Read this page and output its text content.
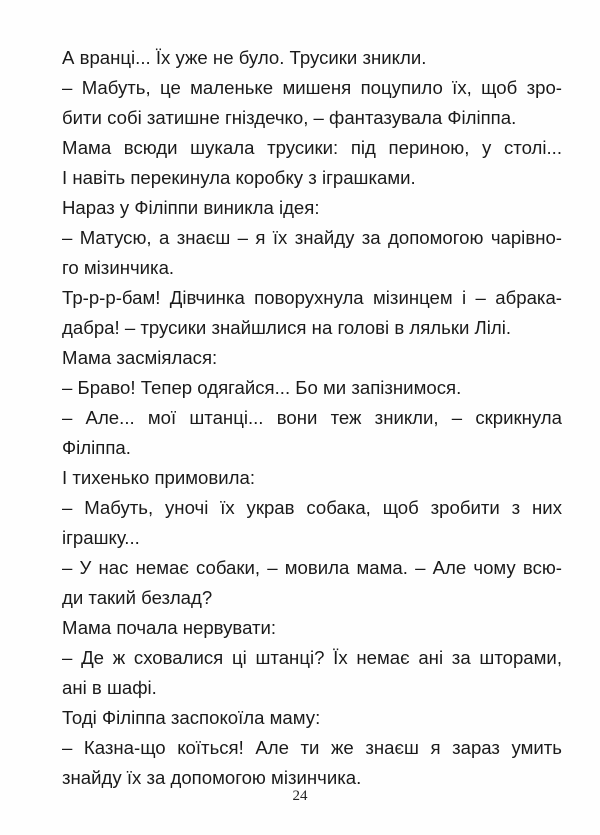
А вранці... Їх уже не було. Трусики зникли.
– Мабуть, це маленьке мишеня поцупило їх, щоб зро-
бити собі затишне гніздечко, – фантазувала Філіппа.
Мама всюди шукала трусики: під периною, у столі...
І навіть перекинула коробку з іграшками.
Нараз у Філіппи виникла ідея:
– Матусю, а знаєш – я їх знайду за допомогою чарівно-
го мізинчика.
Тр-р-р-бам! Дівчинка поворухнула мізинцем і – абрака-
дабра! – трусики знайшлися на голові в ляльки Лілі.
Мама засміялася:
– Браво! Тепер одягайся... Бо ми запізнимося.
– Але... мої штанці... вони теж зникли, – скрикнула
Філіппа.
І тихенько примовила:
– Мабуть, уночі їх украв собака, щоб зробити з них
іграшку...
– У нас немає собаки, – мовила мама. – Але чому всю-
ди такий безлад?
Мама почала нервувати:
– Де ж сховалися ці штанці? Їх немає ані за шторами,
ані в шафі.
Тоді Філіппа заспокоїла маму:
– Казна-що коїться! Але ти же знаєш я зараз умить
знайду їх за допомогою мізинчика.
24
